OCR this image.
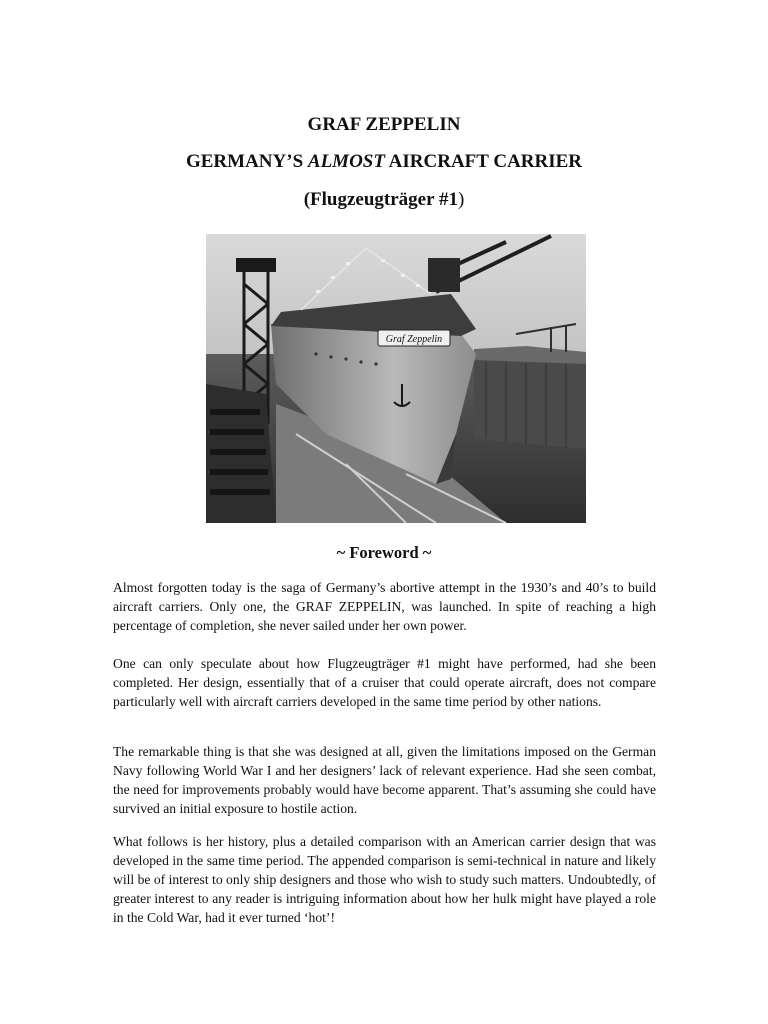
GRAF ZEPPELIN
GERMANY’S ALMOST AIRCRAFT CARRIER
(Flugzeugträger #1)
Graf Zeppelin
~ Foreword ~

Almost forgotten today is the saga of Germany’s abortive attempt in the 1930’s and 40’s to build aircraft carriers. Only one, the GRAF ZEPPELIN, was launched. In spite of reaching a high percentage of completion, she never sailed under her own power.

One can only speculate about how Flugzeugträger #1 might have performed, had she been completed. Her design, essentially that of a cruiser that could operate aircraft, does not compare particularly well with aircraft carriers developed in the same time period by other nations.

The remarkable thing is that she was designed at all, given the limitations imposed on the German Navy following World War I and her designers’ lack of relevant experience. Had she seen combat, the need for improvements probably would have become apparent. That’s assuming she could have survived an initial exposure to hostile action.

What follows is her history, plus a detailed comparison with an American carrier design that was developed in the same time period. The appended comparison is semi-technical in nature and likely will be of interest to only ship designers and those who wish to study such matters. Undoubtedly, of greater interest to any reader is intriguing information about how her hulk might have played a role in the Cold War, had it ever turned ‘hot’!
